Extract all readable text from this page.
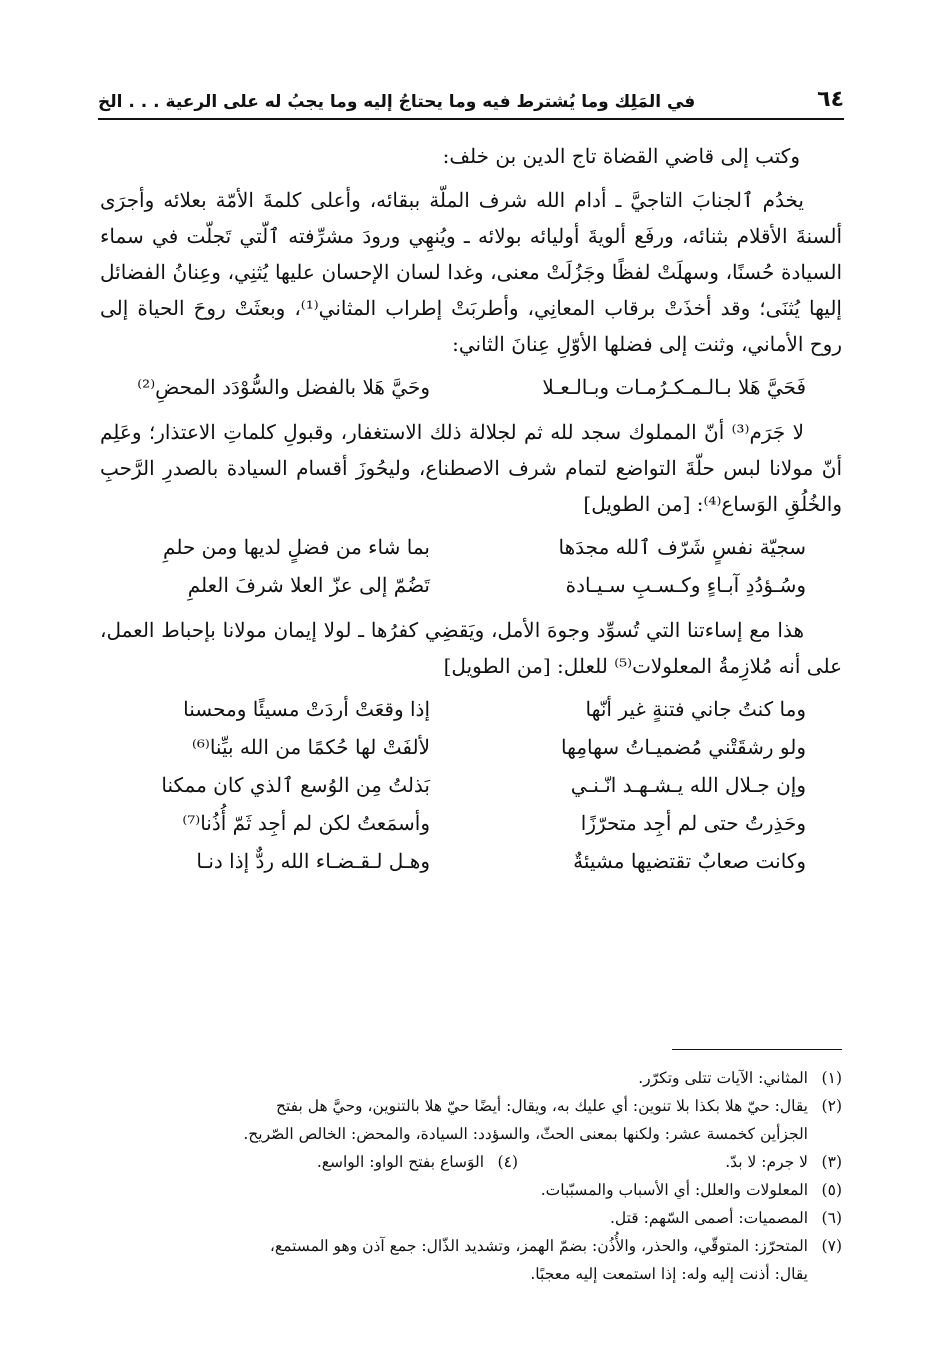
٦٤
في المَلِك وما يُشترط فيه وما يحتاجُ إليه وما يجبُ له على الرعية . . . الخ

وكتب إلى قاضي القضاة تاج الدين بن خلف:

يخدُم ٱلجنابَ التاجيَّ ـ أدام الله شرف الملّة ببقائه، وأعلى كلمةَ الأمّة بعلائه وأجرَى ألسنةَ الأقلام بثنائه، ورفَع ألويةَ أوليائه بولائه ـ ويُنهِي ورودَ مشرِّفته ٱلّتي تَجلّت في سماء السيادة حُسنًا، وسهلَتْ لفظًا وجَزُلَتْ معنى، وغدا لسان الإحسان عليها يُثنِي، وعِنانُ الفضائل إليها يُثنَى؛ وقد أخذَتْ برقاب المعانِي، وأطربَتْ إطراب المثاني⁽¹⁾، وبعثَتْ روحَ الحياة إلى روح الأماني، وثنت إلى فضلها الأوّلِ عِنانَ الثاني:

فَحَيَّ هَلا بـالـمـكـرُمـات وبـالـعـلا
وحَيَّ هَلا بالفضل والسُّوْدَد المحضِ⁽²⁾

لا جَرَم⁽³⁾ أنّ المملوك سجد لله ثم لجلالة ذلك الاستغفار، وقبولِ كلماتِ الاعتذار؛ وعَلِم أنّ مولانا لبس حلّةَ التواضع لتمام شرف الاصطناع، وليحُوزَ أقسام السيادة بالصدرِ الرَّحبِ والخُلُقِ الوَساع⁽⁴⁾: [من الطويل]

سجيّة نفسٍ شَرّف ٱلله مجدَها
بما شاء من فضلٍ لديها ومن حلمِ
وسُـؤدُدِ آبـاءٍ وكـسـبِ سـيـادة
تَضُمّ إلى عزّ العلا شرفَ العلمِ

هذا مع إساءتنا التي تُسوِّد وجوهَ الأمل، ويَقضِي كفرُها ـ لولا إيمان مولانا بإحباط العمل، على أنه مُلازِمةُ المعلولات⁽⁵⁾ للعلل: [من الطويل]

وما كنتُ جاني فتنةٍ غير أنّها
إذا وقعَتْ أردَتْ مسيئًا ومحسنا
ولو رشقَتْني مُضميـاتُ سهامِها
لألفَتْ لها حُكمًا من الله بيِّنا⁽⁶⁾
وإن جـلال الله يـشـهـد انّـنـي
بَذلتُ مِن الوُسع ٱلذي كان ممكنا
وحَذِرتُ حتى لم أجِد متحرّزًا
وأسمَعتُ لكن لم أجِد ثَمّ أُذُنا⁽⁷⁾
وكانت صعابٌ تقتضيها مشيئةٌ
وهـل لـقـضـاء الله ردٌّ إذا دنـا
(١)
المثاني: الآيات تتلى وتكرّر.
(٢)
يقال: حيّ هلا بكذا بلا تنوين: أي عليك به، ويقال: أيضًا حيّ هلا بالتنوين، وحيَّ هل بفتح
الجزأين كخمسة عشر: ولكنها بمعنى الحثّ، والسؤدد: السيادة، والمحض: الخالص الصّريح.
(٣)
لا جرم: لا بدّ.
(٤)
الوَساع بفتح الواو: الواسع.
(٥)
المعلولات والعلل: أي الأسباب والمسبّبات.
(٦)
المصميات: أصمى السّهم: قتل.
(٧)
المتحرّز: المتوقّي، والحذر، والأُذُن: بضمّ الهمز، وتشديد الذّال: جمع آذن وهو المستمع،
يقال: أذنت إليه وله: إذا استمعت إليه معجبًا.
